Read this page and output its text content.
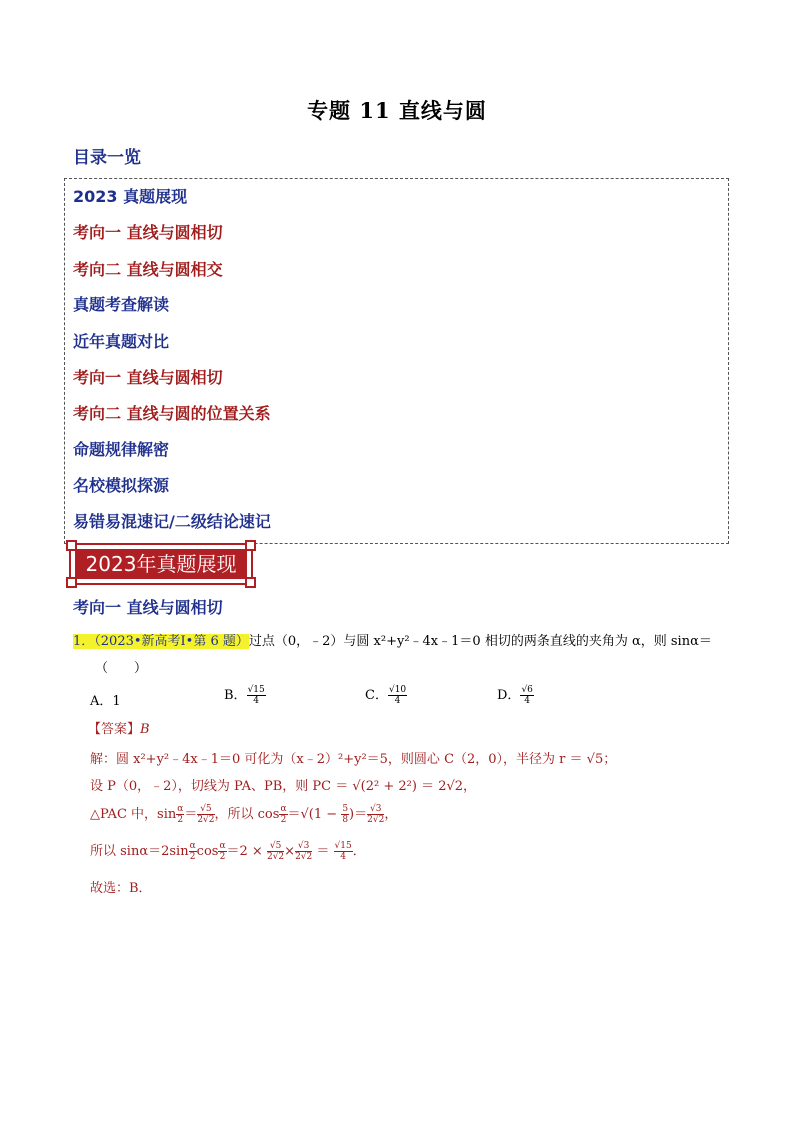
专题 11 直线与圆
目录一览
2023 真题展现
考向一 直线与圆相切
考向二 直线与圆相交
真题考查解读
近年真题对比
考向一 直线与圆相切
考向二 直线与圆的位置关系
命题规律解密
名校模拟探源
易错易混速记/二级结论速记
2023年真题展现
考向一 直线与圆相切
1．（2023•新高考Ⅰ•第 6 题）过点（0，﹣2）与圆 x²+y²﹣4x﹣1＝0 相切的两条直线的夹角为 α，则 sinα＝
（　　）
A．1	B． $\frac{√15}{4}$	C． $\frac{√10}{4}$	D． $\frac{√6}{4}$
【答案】B
解：圆 x²+y²﹣4x﹣1＝0 可化为（x﹣2）²+y²＝5，则圆心 C（2，0），半径为 r ＝ √5；
设 P（0，﹣2），切线为 PA、PB，则 PC ＝ √(2² + 2²) ＝ 2√2，
△PAC 中，$\sin \frac{\alpha}{2} = \frac{√5}{2√2}$ ，所以 $\cos \frac{\alpha}{2} =√(1 - \frac{5}{8}$ )＝ $\frac{√3}{2√2}$ ，
所以 $\sin\alpha=2\sin \frac{\alpha}{2}$ $\cos \frac{\alpha}{2} =2 \times \frac{√5}{2√2} \times \frac{√3}{2√2} = \frac{√15}{4}$ ．
故选：B．
